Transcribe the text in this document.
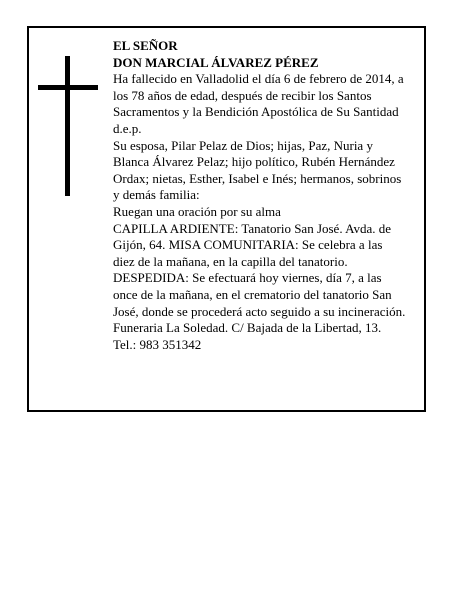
EL SEÑOR
DON MARCIAL ÁLVAREZ PÉREZ
Ha fallecido en Valladolid el día 6 de febrero de 2014, a
los 78 años de edad, después de recibir los Santos
Sacramentos y la Bendición Apostólica de Su Santidad
d.e.p.
Su esposa, Pilar Pelaz de Dios; hijas, Paz, Nuria y
Blanca Álvarez Pelaz; hijo político, Rubén Hernández
Ordax; nietas, Esther, Isabel e Inés; hermanos, sobrinos
y demás familia:
Ruegan una oración por su alma
CAPILLA ARDIENTE: Tanatorio San José. Avda. de
Gijón, 64. MISA COMUNITARIA: Se celebra a las
diez de la mañana, en la capilla del tanatorio.
DESPEDIDA: Se efectuará hoy viernes, día 7, a las
once de la mañana, en el crematorio del tanatorio San
José, donde se procederá acto seguido a su incineración.
Funeraria La Soledad. C/ Bajada de la Libertad, 13.
Tel.: 983 351342
